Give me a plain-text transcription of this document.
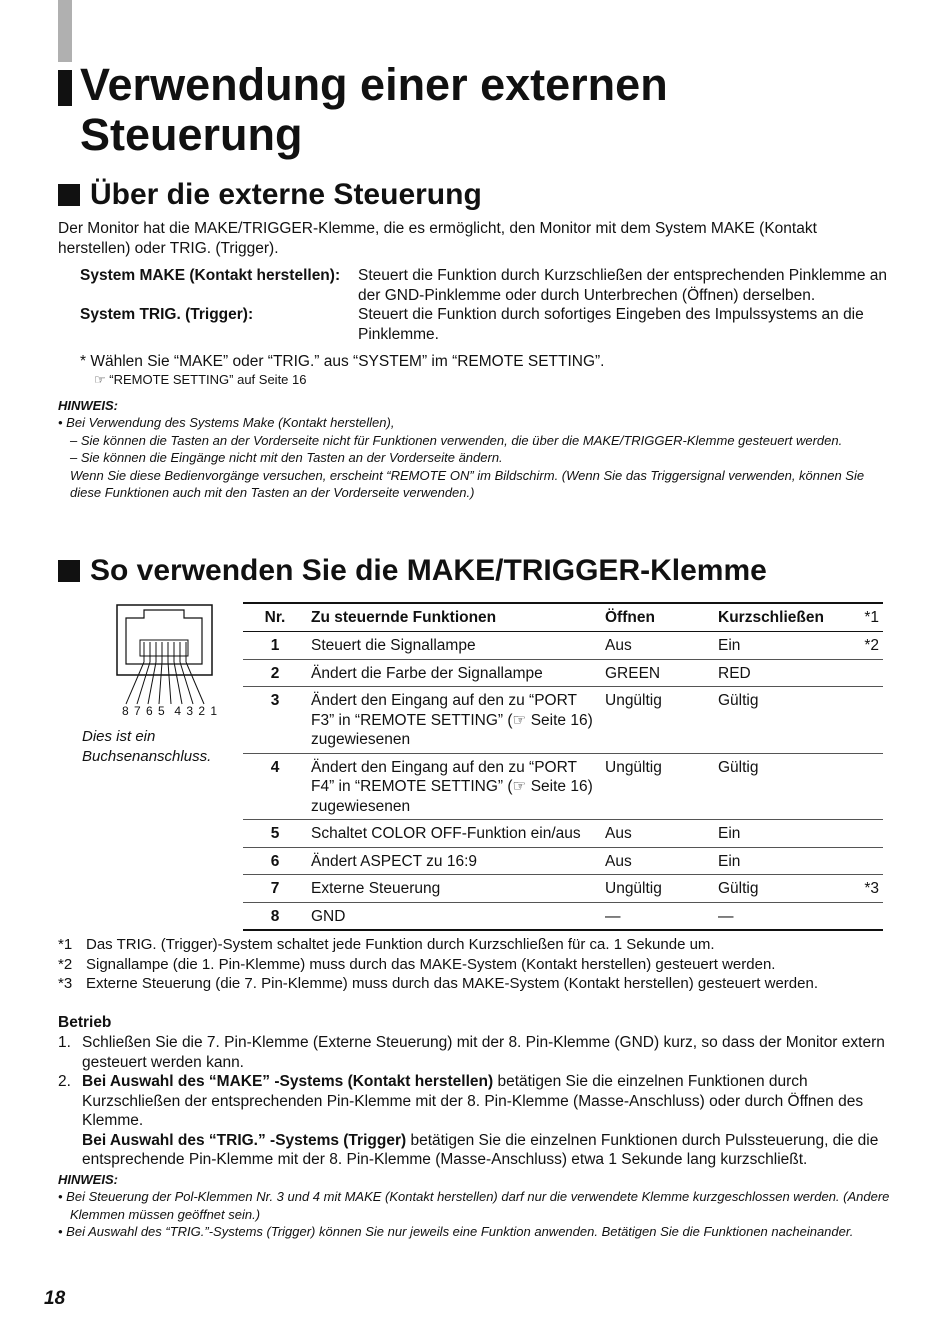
Verwendung einer externen
Steuerung
Über die externe Steuerung

Der Monitor hat die MAKE/TRIGGER-Klemme, die es ermöglicht, den Monitor mit dem System MAKE (Kontakt herstellen) oder TRIG. (Trigger).

System MAKE (Kontakt herstellen):	Steuert die Funktion durch Kurzschließen der entsprechenden Pinklemme an der GND-Pinklemme oder durch Unterbrechen (Öffnen) derselben.
System TRIG. (Trigger):	Steuert die Funktion durch sofortiges Eingeben des Impulssystems an die Pinklemme.
* Wählen Sie “MAKE” oder “TRIG.” aus “SYSTEM” im “REMOTE SETTING”.
☞ “REMOTE SETTING” auf Seite 16
HINWEIS:
• Bei Verwendung des Systems Make (Kontakt herstellen),
– Sie können die Tasten an der Vorderseite nicht für Funktionen verwenden, die über die MAKE/TRIGGER-Klemme gesteuert werden.
– Sie können die Eingänge nicht mit den Tasten an der Vorderseite ändern.
Wenn Sie diese Bedienvorgänge versuchen, erscheint “REMOTE ON” im Bildschirm. (Wenn Sie das Triggersignal verwenden, können Sie diese Funktionen auch mit den Tasten an der Vorderseite verwenden.)
So verwenden Sie die MAKE/TRIGGER-Klemme
8 7 6 5  4 3 2 1
Dies ist ein Buchsenanschluss.
Nr.	Zu steuernde Funktionen	Öffnen	Kurzschließen	*1
1	Steuert die Signallampe	Aus	Ein	*2
2	Ändert die Farbe der Signallampe	GREEN	RED	
3	Ändert den Eingang auf den zu “PORT F3” in “REMOTE SETTING” (☞ Seite 16) zugewiesenen	Ungültig	Gültig	
4	Ändert den Eingang auf den zu “PORT F4” in “REMOTE SETTING” (☞ Seite 16) zugewiesenen	Ungültig	Gültig	
5	Schaltet COLOR OFF-Funktion ein/aus	Aus	Ein	
6	Ändert ASPECT zu 16:9	Aus	Ein	
7	Externe Steuerung	Ungültig	Gültig	*3
8	GND	—	—	
*1 Das TRIG. (Trigger)-System schaltet jede Funktion durch Kurzschließen für ca. 1 Sekunde um.
*2 Signallampe (die 1. Pin-Klemme) muss durch das MAKE-System (Kontakt herstellen) gesteuert werden.
*3 Externe Steuerung (die 7. Pin-Klemme) muss durch das MAKE-System (Kontakt herstellen) gesteuert werden.
Betrieb
1. Schließen Sie die 7. Pin-Klemme (Externe Steuerung) mit der 8. Pin-Klemme (GND) kurz, so dass der Monitor extern gesteuert werden kann.
2. Bei Auswahl des “MAKE” -Systems (Kontakt herstellen) betätigen Sie die einzelnen Funktionen durch Kurzschließen der entsprechenden Pin-Klemme mit der 8. Pin-Klemme (Masse-Anschluss) oder durch Öffnen des Klemme.
Bei Auswahl des “TRIG.” -Systems (Trigger) betätigen Sie die einzelnen Funktionen durch Pulssteuerung, die die entsprechende Pin-Klemme mit der 8. Pin-Klemme (Masse-Anschluss) etwa 1 Sekunde lang kurzschließt.
HINWEIS:
• Bei Steuerung der Pol-Klemmen Nr. 3 und 4 mit MAKE (Kontakt herstellen) darf nur die verwendete Klemme kurzgeschlossen werden. (Andere Klemmen müssen geöffnet sein.)
• Bei Auswahl des “TRIG.”-Systems (Trigger) können Sie nur jeweils eine Funktion anwenden. Betätigen Sie die Funktionen nacheinander.
18
